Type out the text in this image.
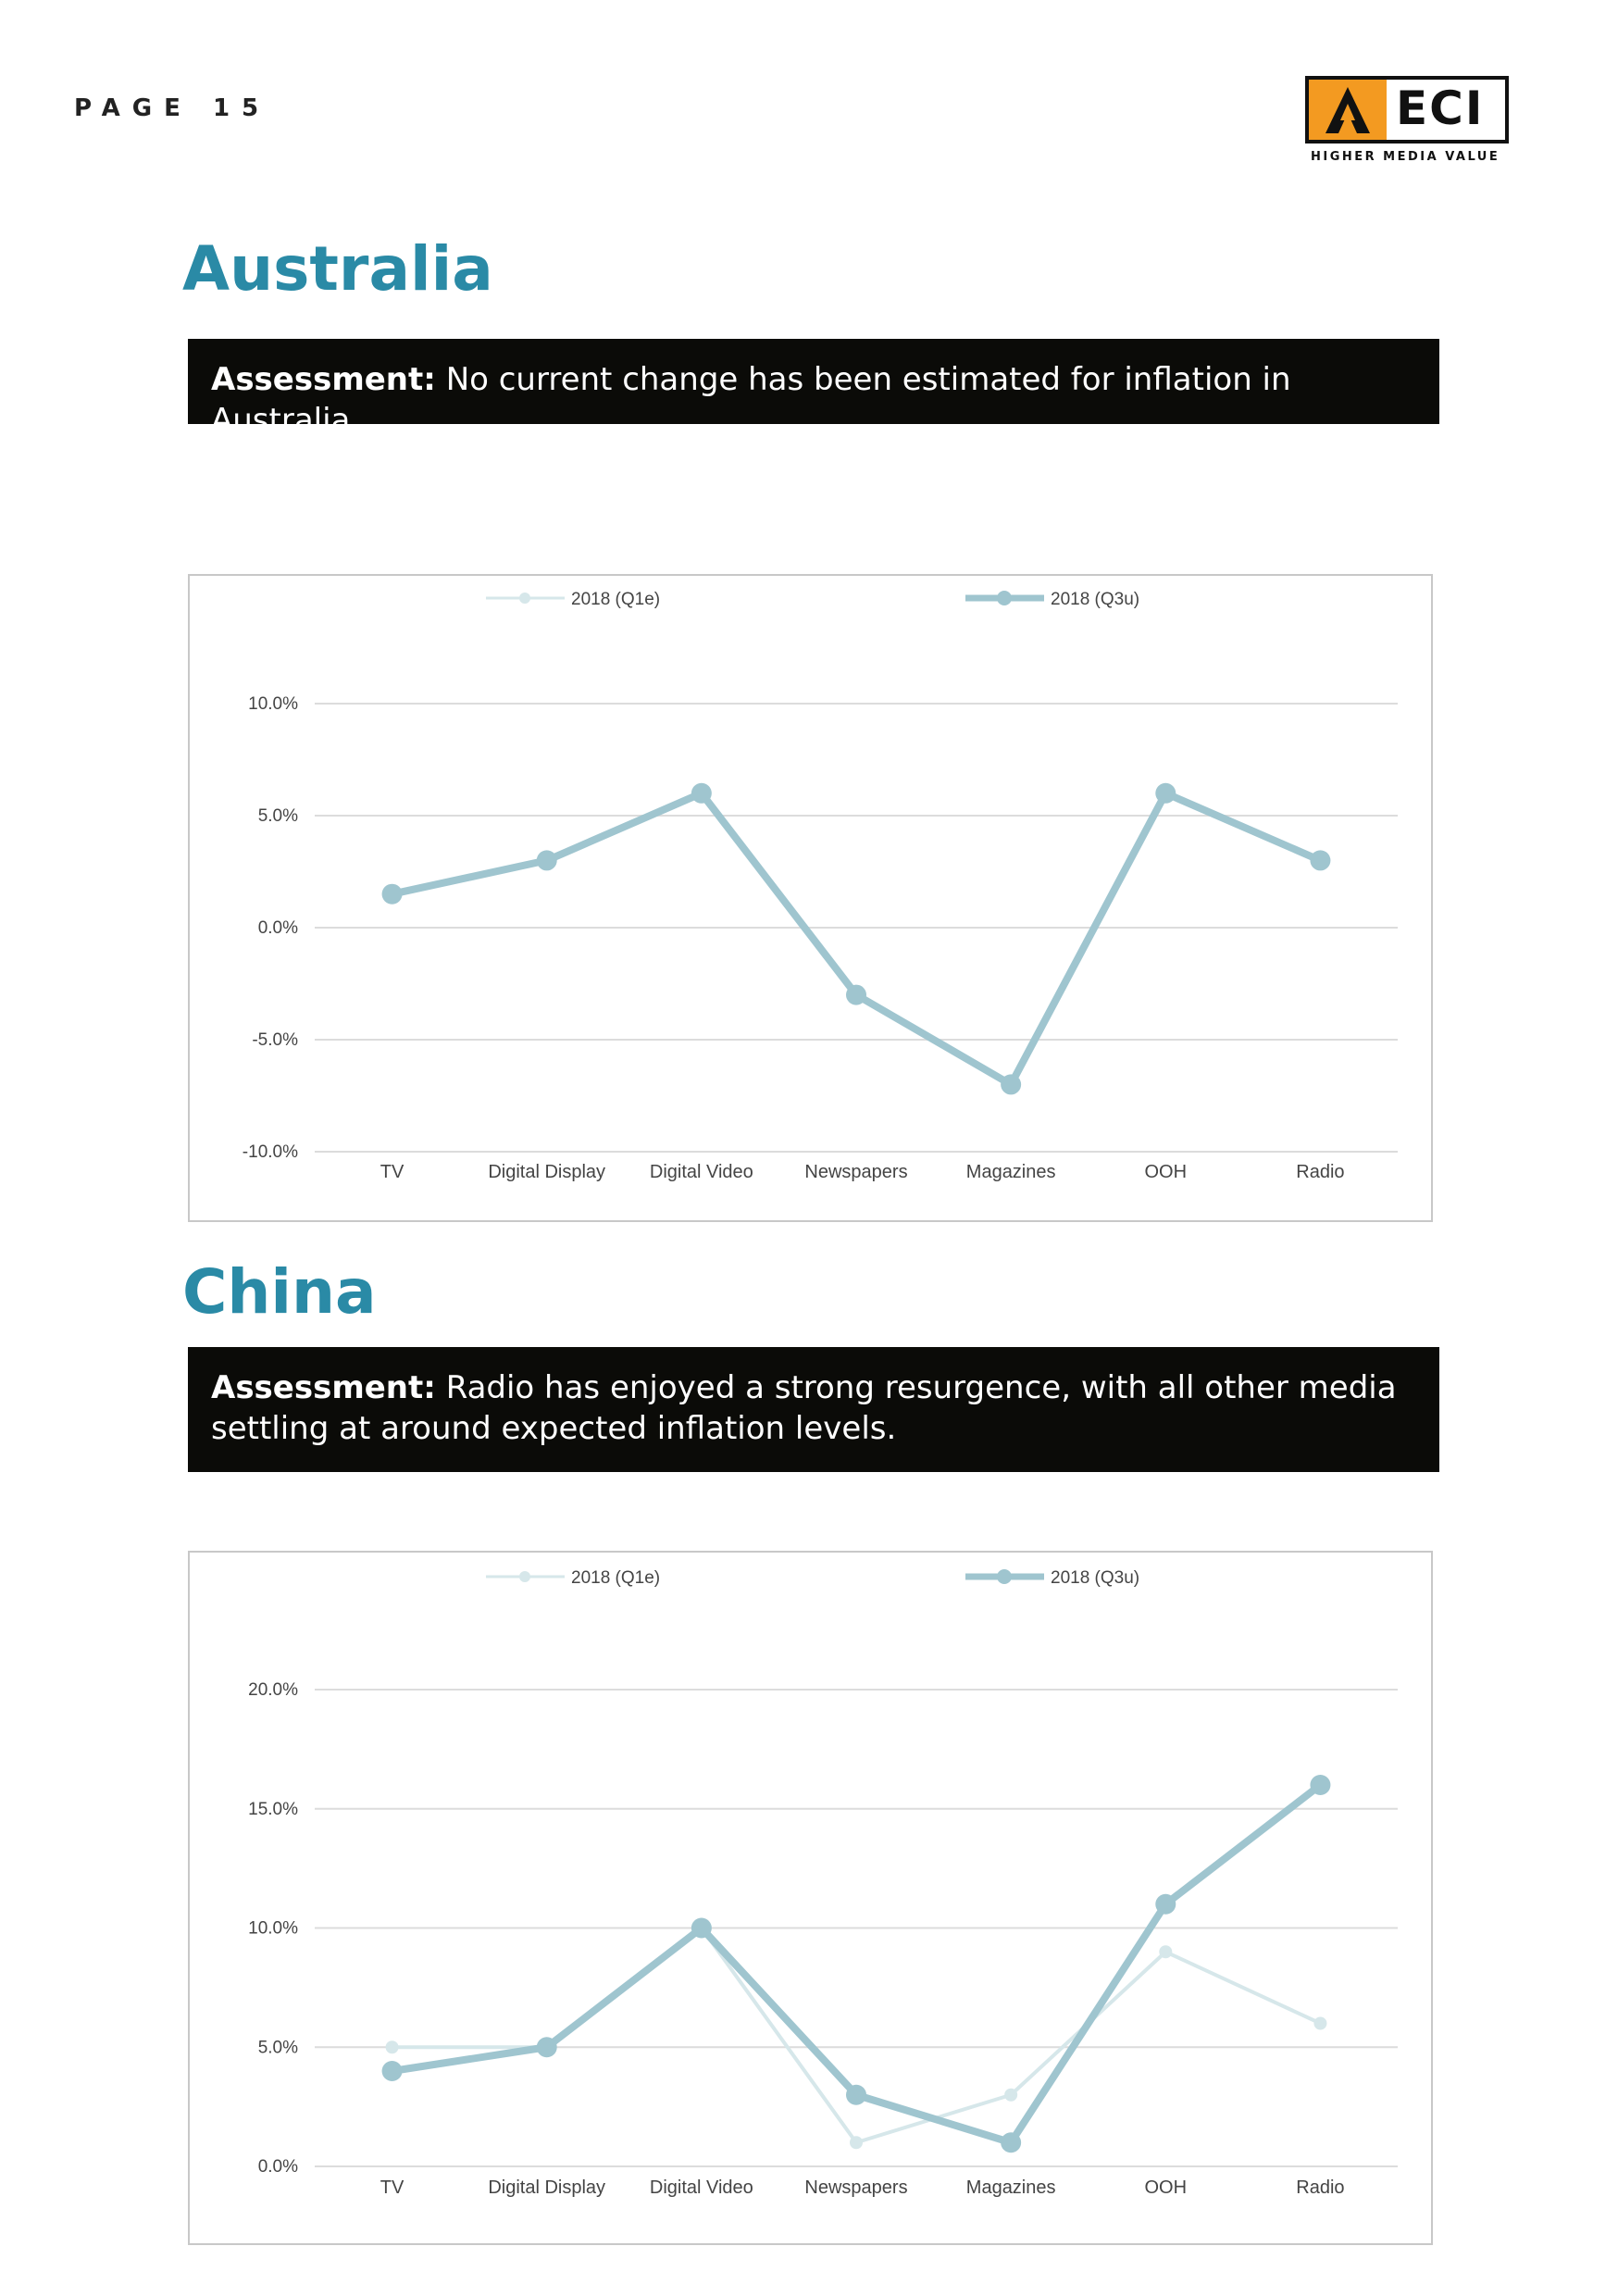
PAGE 15	ECI
HIGHER MEDIA VALUE
Australia
Assessment: No current change has been estimated for inflation in Australia.
10.0%
5.0%
0.0%
-5.0%
-10.0%
TV	Digital Display Digital Video	Newspapers	Magazines	OOH	Radio
2018 (Q1e)	2018 (Q3u)
China
Assessment: Radio has enjoyed a strong resurgence, with all other media settling at around expected inflation levels.
20.0%
15.0%
10.0%
5.0%
0.0%
TV	Digital Display Digital Video	Newspapers	Magazines	OOH	Radio
2018 (Q1e)	2018 (Q3u)
